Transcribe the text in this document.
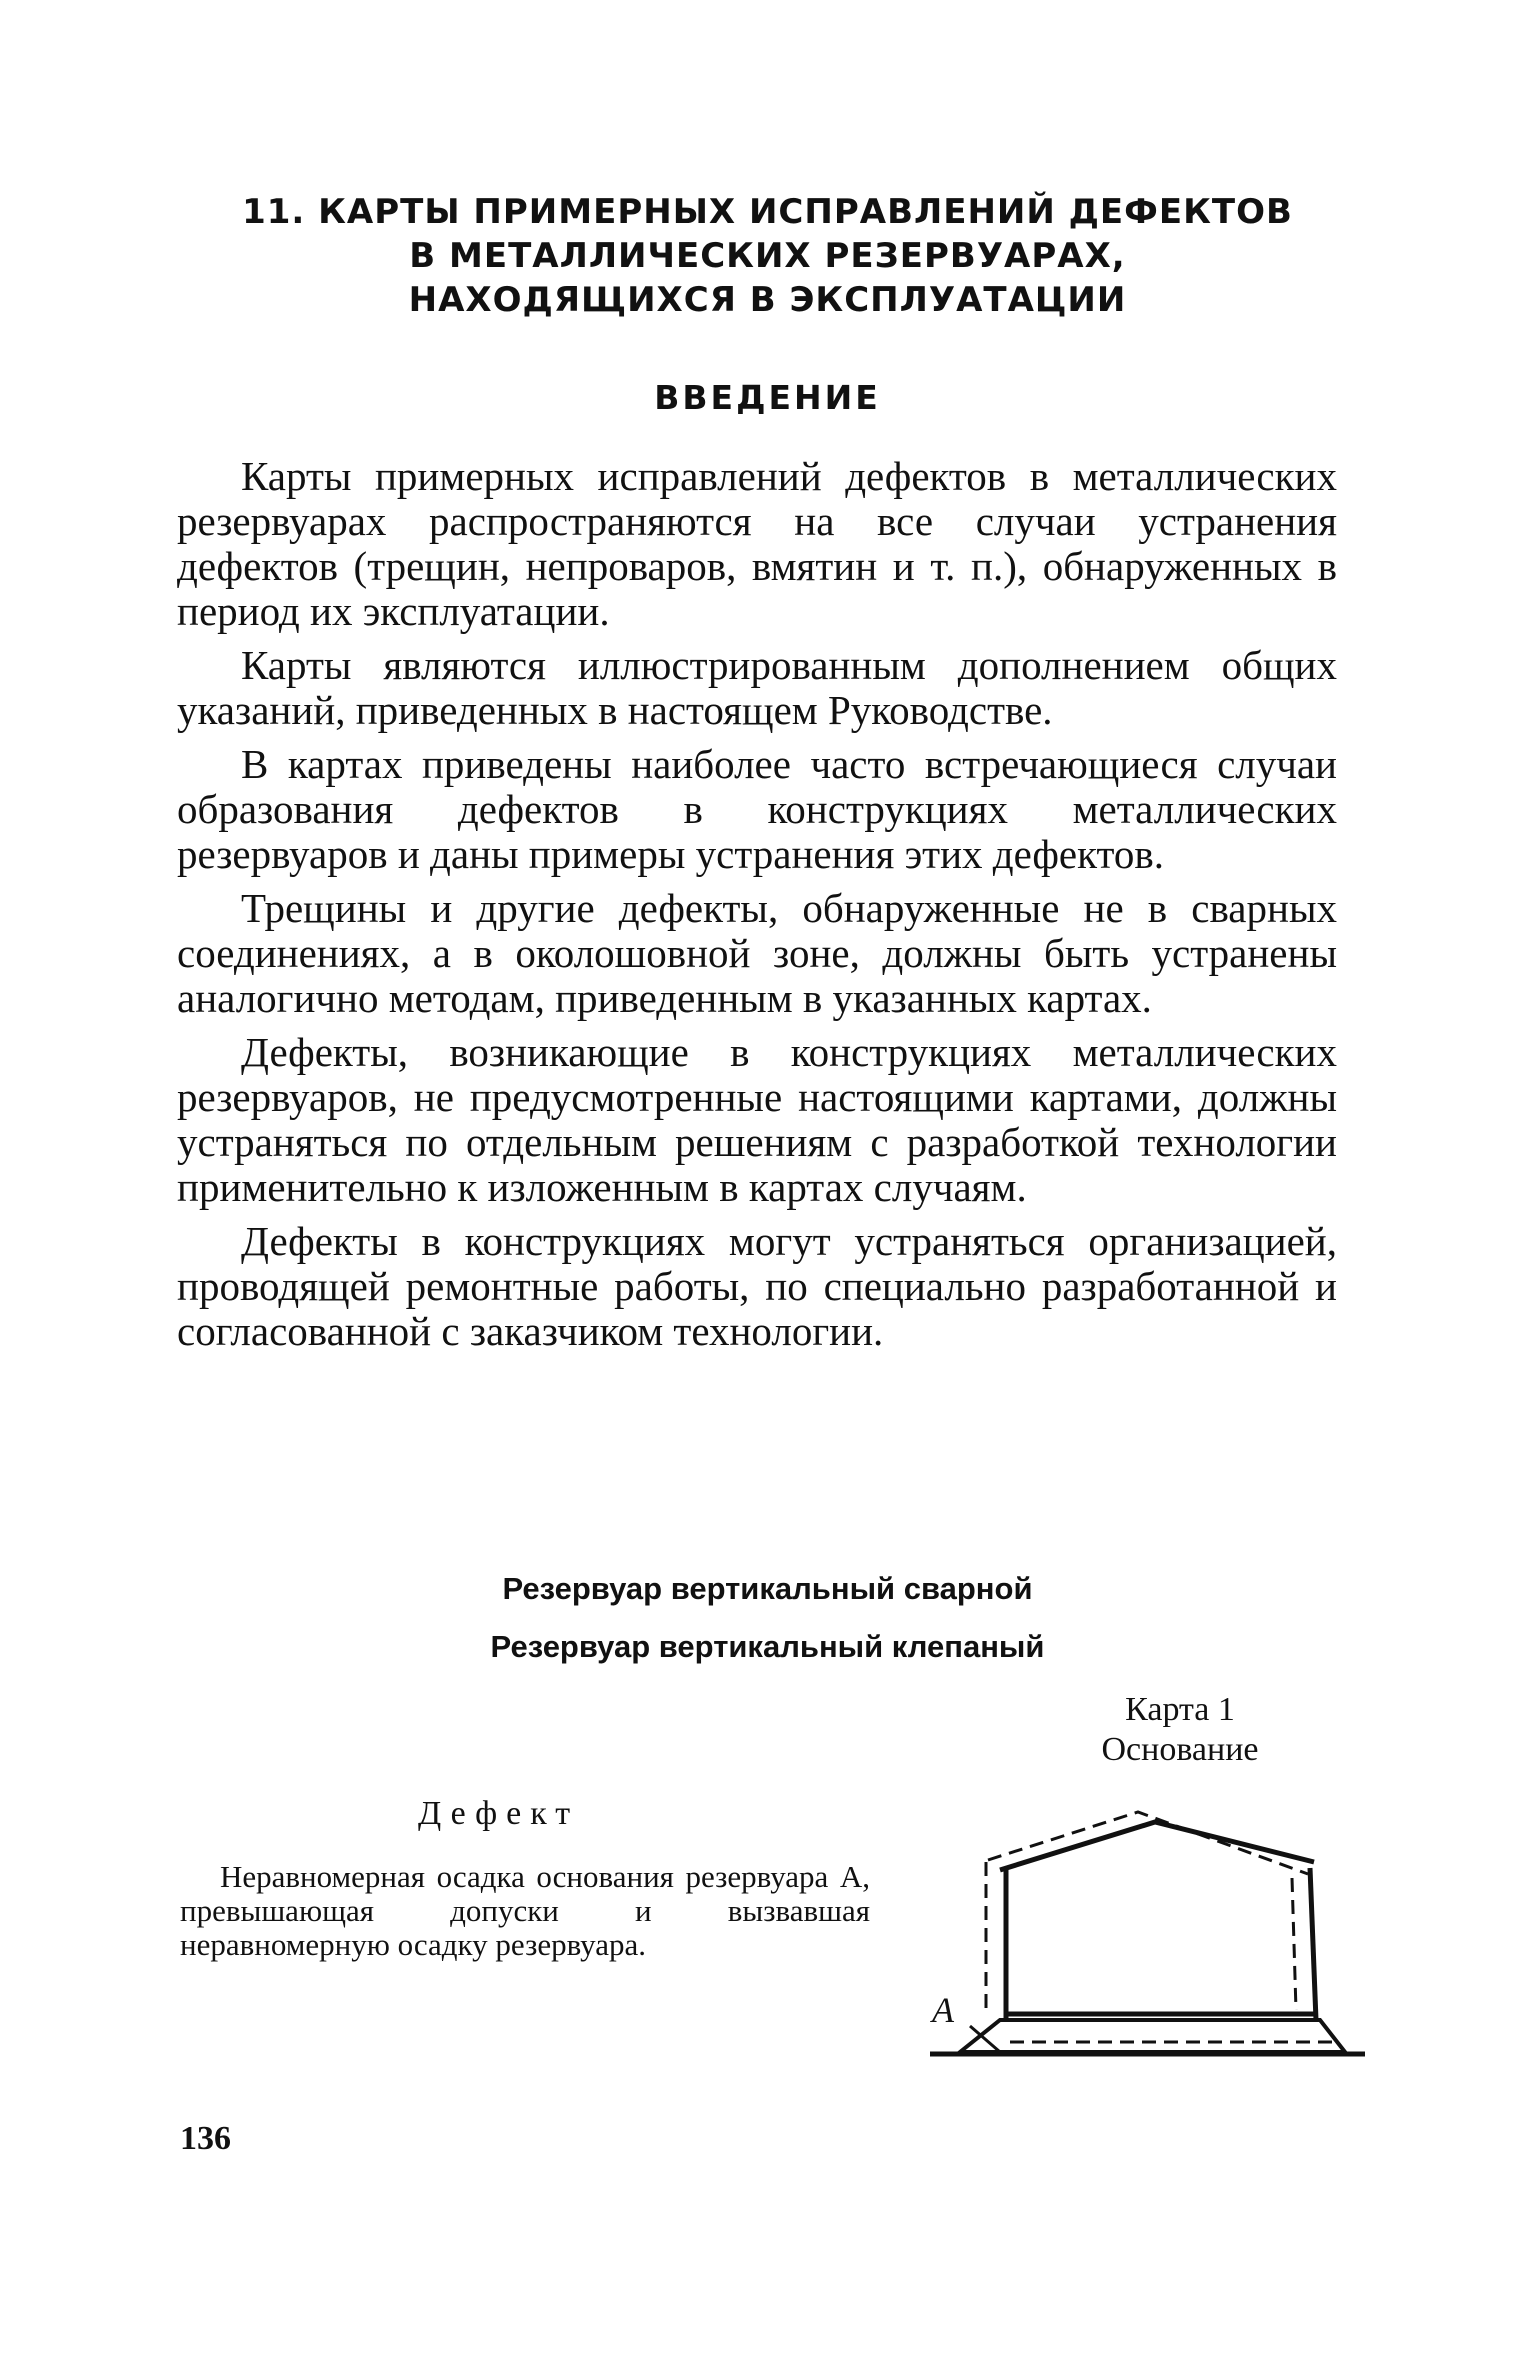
11. КАРТЫ ПРИМЕРНЫХ ИСПРАВЛЕНИЙ ДЕФЕКТОВ
В МЕТАЛЛИЧЕСКИХ РЕЗЕРВУАРАХ,
НАХОДЯЩИХСЯ В ЭКСПЛУАТАЦИИ
ВВЕДЕНИЕ

Карты примерных исправлений дефектов в металлических резервуарах распространяются на все случаи устранения дефектов (трещин, непроваров, вмятин и т. п.), обнаруженных в период их эксплуатации.

Карты являются иллюстрированным дополнением общих указаний, приведенных в настоящем Руководстве.

В картах приведены наиболее часто встречающиеся случаи образования дефектов в конструкциях металлических резервуаров и даны примеры устранения этих дефектов.

Трещины и другие дефекты, обнаруженные не в сварных соединениях, а в околошовной зоне, должны быть устранены аналогично методам, приведенным в указанных картах.

Дефекты, возникающие в конструкциях металлических резервуаров, не предусмотренные настоящими картами, должны устраняться по отдельным решениям с разработкой технологии применительно к изложенным в картах случаям.

Дефекты в конструкциях могут устраняться организацией, проводящей ремонтные работы, по специально разработанной и согласованной с заказчиком технологии.

Резервуар вертикальный сварной
Резервуар вертикальный клепаный
Карта 1
Основание
Дефект

Неравномерная осадка основания резервуара А, превышающая допуски и вызвавшая неравномерную осадку резервуара.

А
136
